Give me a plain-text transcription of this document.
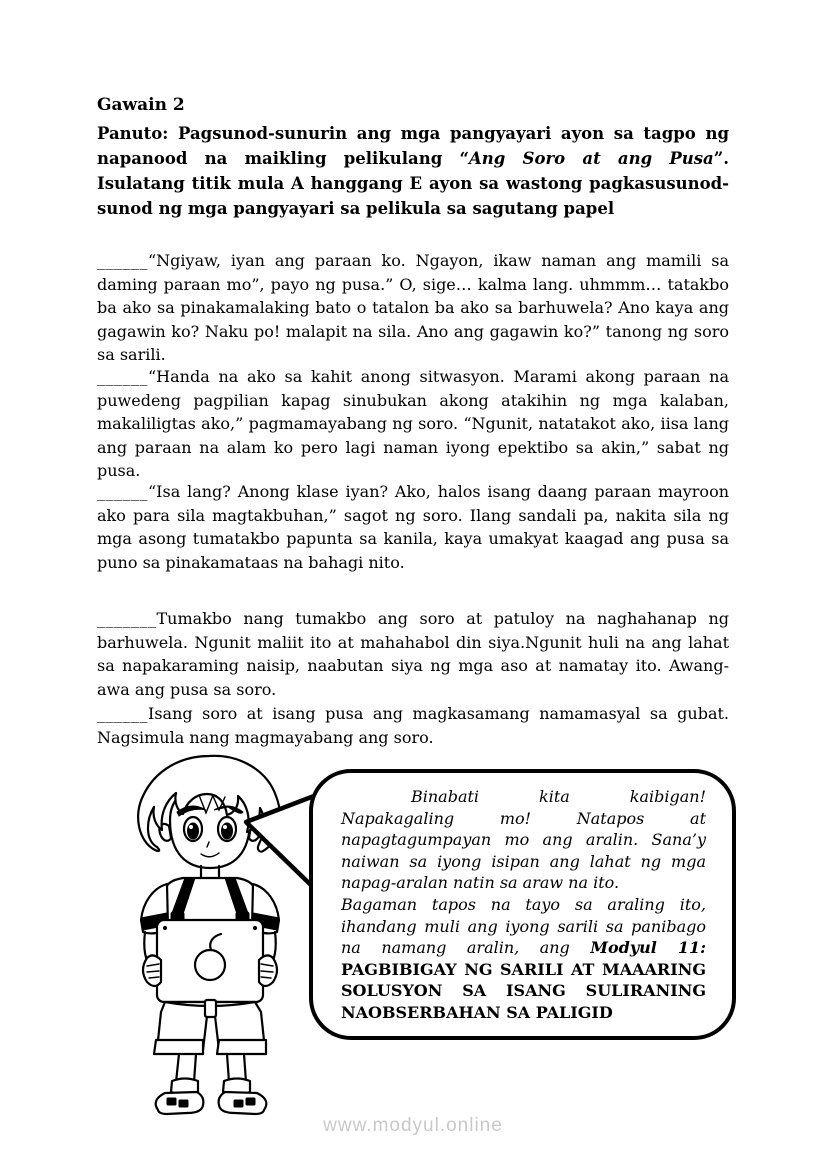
Gawain 2
Panuto: Pagsunod-sunurin ang mga pangyayari ayon sa tagpo ng napanood na maikling pelikulang “Ang Soro at ang Pusa”. Isulatang titik mula A hanggang E ayon sa wastong pagkasusunod-sunod ng mga pangyayari sa pelikula sa sagutang papel

______“Ngiyaw, iyan ang paraan ko. Ngayon, ikaw naman ang mamili sa daming paraan mo”, payo ng pusa.” O, sige… kalma lang. uhmmm… tatakbo ba ako sa pinakamalaking bato o tatalon ba ako sa barhuwela? Ano kaya ang gagawin ko? Naku po! malapit na sila. Ano ang gagawin ko?” tanong ng soro sa sarili.

______“Handa na ako sa kahit anong sitwasyon. Marami akong paraan na puwedeng pagpilian kapag sinubukan akong atakihin ng mga kalaban, makaliligtas ako,” pagmamayabang ng soro. “Ngunit, natatakot ako, iisa lang ang paraan na alam ko pero lagi naman iyong epektibo sa akin,” sabat ng pusa.

______“Isa lang? Anong klase iyan? Ako, halos isang daang paraan mayroon ako para sila magtakbuhan,” sagot ng soro. Ilang sandali pa, nakita sila ng mga asong tumatakbo papunta sa kanila, kaya umakyat kaagad ang pusa sa puno sa pinakamataas na bahagi nito.

_______Tumakbo nang tumakbo ang soro at patuloy na naghahanap ng barhuwela. Ngunit maliit ito at mahahabol din siya.Ngunit huli na ang lahat sa napakaraming naisip, naabutan siya ng mga aso at namatay ito. Awang-awa ang pusa sa soro.

______Isang soro at isang pusa ang magkasamang namamasyal sa gubat. Nagsimula nang magmayabang ang soro.

Binabati kita kaibigan! Napakagaling mo! Natapos at napagtagumpayan mo ang aralin. Sana’y naiwan sa iyong isipan ang lahat ng mga napag-aralan natin sa araw na ito.

Bagaman tapos na tayo sa araling ito, ihandang muli ang iyong sarili sa panibago na namang aralin, ang Modyul 11: PAGBIBIGAY NG SARILI AT MAAARING SOLUSYON SA ISANG SULIRANING NAOBSERBAHAN SA PALIGID

www.modyul.online
